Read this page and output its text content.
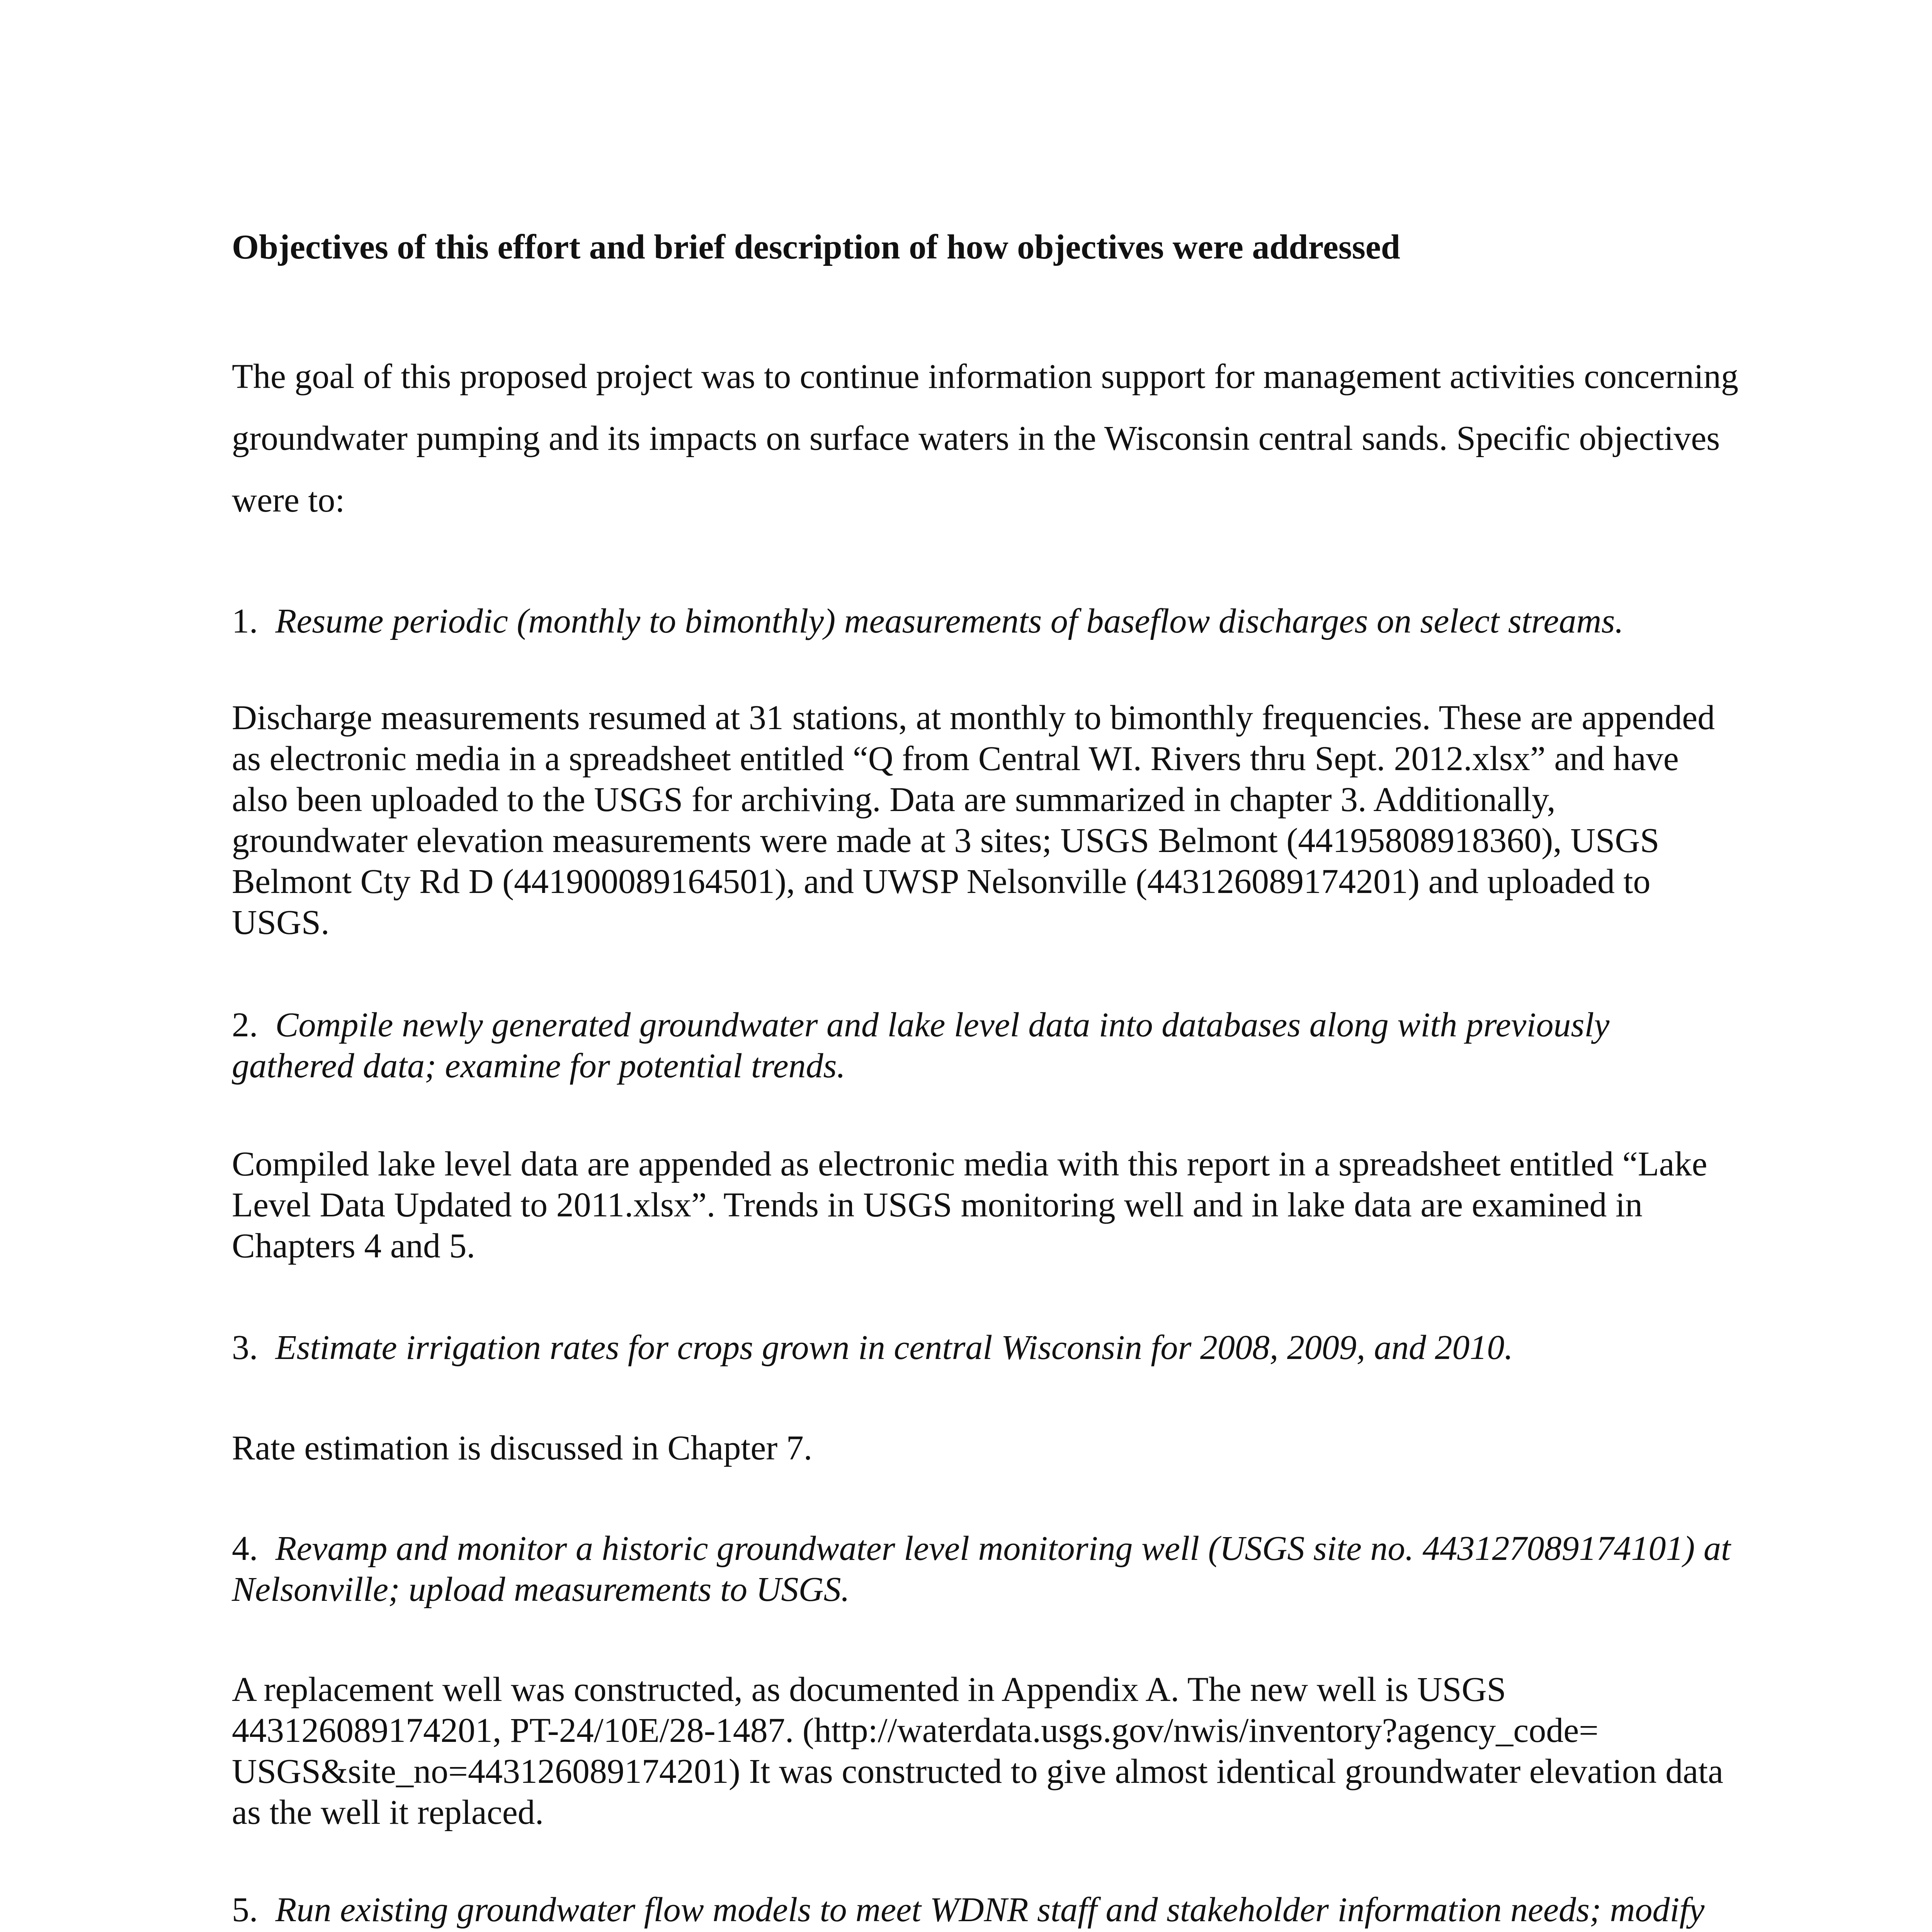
Objectives of this effort and brief description of how objectives were addressed

The goal of this proposed project was to continue information support for management activities concerning groundwater pumping and its impacts on surface waters in the Wisconsin central sands. Specific objectives were to:

1. Resume periodic (monthly to bimonthly) measurements of baseflow discharges on select streams.
Discharge measurements resumed at 31 stations, at monthly to bimonthly frequencies. These are appended as electronic media in a spreadsheet entitled “Q from Central WI. Rivers thru Sept. 2012.xlsx” and have also been uploaded to the USGS for archiving. Data are summarized in chapter 3. Additionally, groundwater elevation measurements were made at 3 sites; USGS Belmont (44195808918360), USGS Belmont Cty Rd D (441900089164501), and UWSP Nelsonville (443126089174201) and uploaded to USGS.
2. Compile newly generated groundwater and lake level data into databases along with previously gathered data; examine for potential trends.
Compiled lake level data are appended as electronic media with this report in a spreadsheet entitled “Lake Level Data Updated to 2011.xlsx”. Trends in USGS monitoring well and in lake data are examined in Chapters 4 and 5.
3. Estimate irrigation rates for crops grown in central Wisconsin for 2008, 2009, and 2010.
Rate estimation is discussed in Chapter 7.
4. Revamp and monitor a historic groundwater level monitoring well (USGS site no. 443127089174101) at Nelsonville; upload measurements to USGS.
A replacement well was constructed, as documented in Appendix A. The new well is USGS 443126089174201, PT-24/10E/28-1487. (http://waterdata.usgs.gov/nwis/inventory?agency_code= USGS&site_no=443126089174201) It was constructed to give almost identical groundwater elevation data as the well it replaced.
5. Run existing groundwater flow models to meet WDNR staff and stakeholder information needs; modify
